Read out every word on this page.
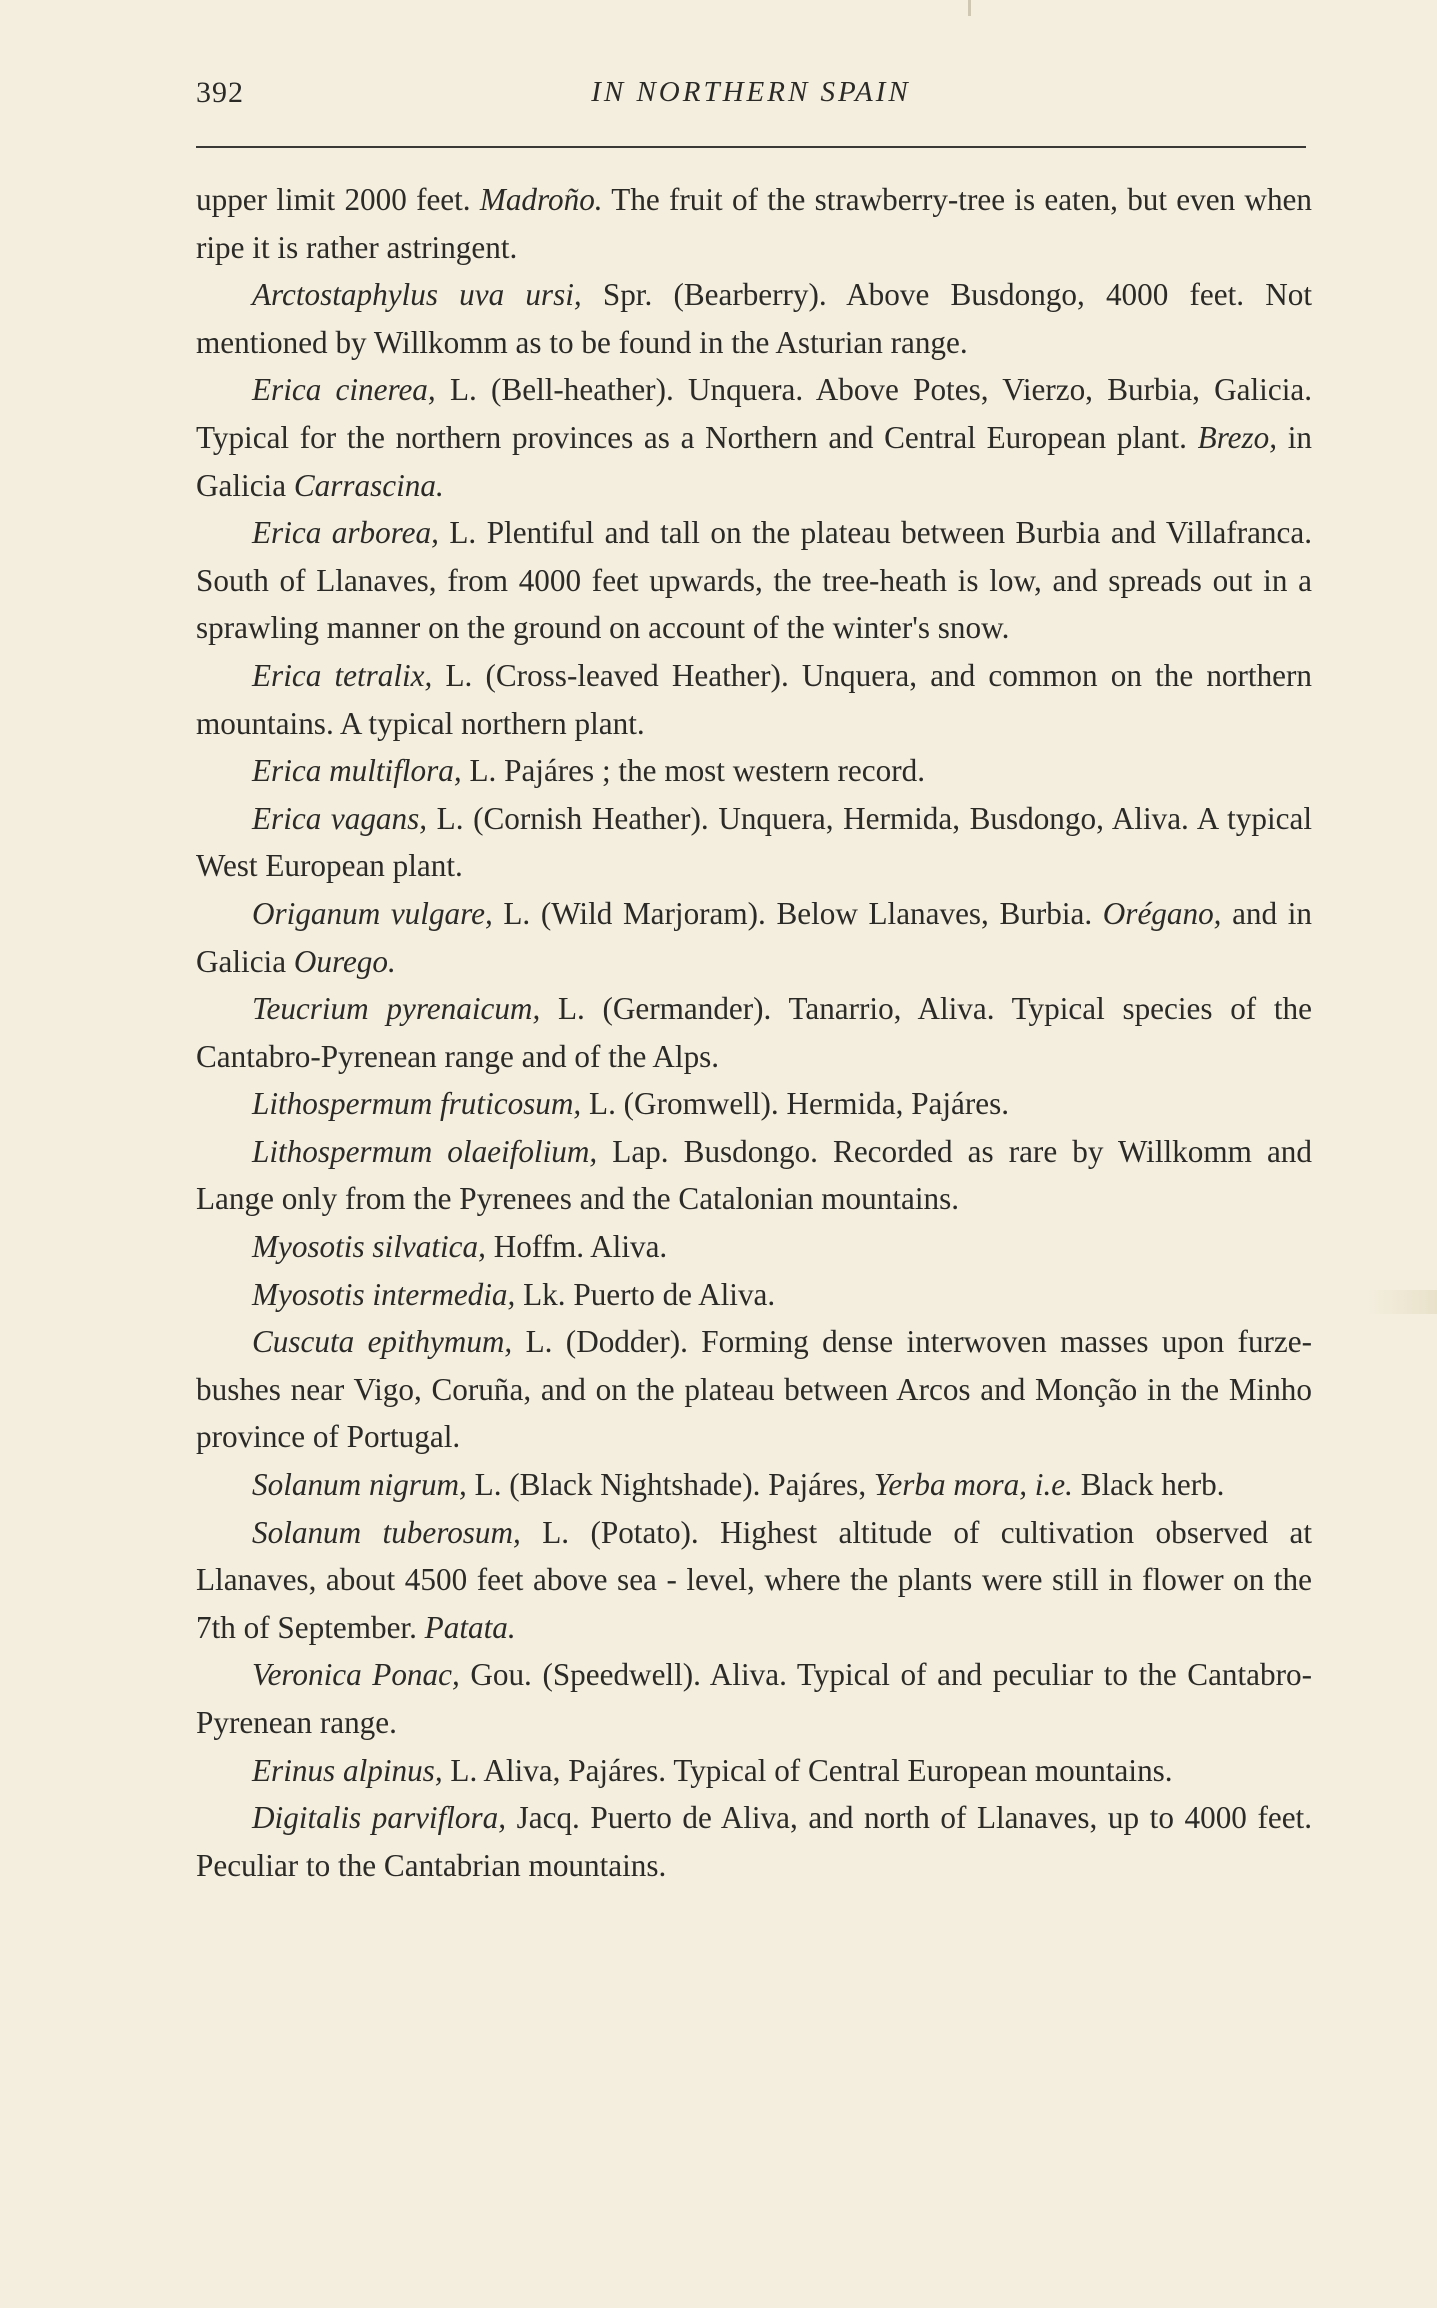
392	IN NORTHERN SPAIN

upper limit 2000 feet. Madroño. The fruit of the strawberry-tree is eaten, but even when ripe it is rather astringent.

Arctostaphylus uva ursi, Spr. (Bearberry). Above Busdongo, 4000 feet. Not mentioned by Willkomm as to be found in the Asturian range.

Erica cinerea, L. (Bell-heather). Unquera. Above Potes, Vierzo, Burbia, Galicia. Typical for the northern provinces as a Northern and Central European plant. Brezo, in Galicia Carrascina.

Erica arborea, L. Plentiful and tall on the plateau between Burbia and Villafranca. South of Llanaves, from 4000 feet upwards, the tree-heath is low, and spreads out in a sprawling manner on the ground on account of the winter's snow.

Erica tetralix, L. (Cross-leaved Heather). Unquera, and common on the northern mountains. A typical northern plant.

Erica multiflora, L. Pajáres ; the most western record.

Erica vagans, L. (Cornish Heather). Unquera, Hermida, Busdongo, Aliva. A typical West European plant.

Origanum vulgare, L. (Wild Marjoram). Below Llanaves, Burbia. Orégano, and in Galicia Ourego.

Teucrium pyrenaicum, L. (Germander). Tanarrio, Aliva. Typical species of the Cantabro-Pyrenean range and of the Alps.

Lithospermum fruticosum, L. (Gromwell). Hermida, Pajáres.

Lithospermum olaeifolium, Lap. Busdongo. Recorded as rare by Willkomm and Lange only from the Pyrenees and the Catalonian mountains.

Myosotis silvatica, Hoffm. Aliva.

Myosotis intermedia, Lk. Puerto de Aliva.

Cuscuta epithymum, L. (Dodder). Forming dense interwoven masses upon furze-bushes near Vigo, Coruña, and on the plateau between Arcos and Monção in the Minho province of Portugal.

Solanum nigrum, L. (Black Nightshade). Pajáres, Yerba mora, i.e. Black herb.

Solanum tuberosum, L. (Potato). Highest altitude of cultivation observed at Llanaves, about 4500 feet above sea - level, where the plants were still in flower on the 7th of September. Patata.

Veronica Ponac, Gou. (Speedwell). Aliva. Typical of and peculiar to the Cantabro-Pyrenean range.

Erinus alpinus, L. Aliva, Pajáres. Typical of Central European mountains.

Digitalis parviflora, Jacq. Puerto de Aliva, and north of Llanaves, up to 4000 feet. Peculiar to the Cantabrian mountains.
